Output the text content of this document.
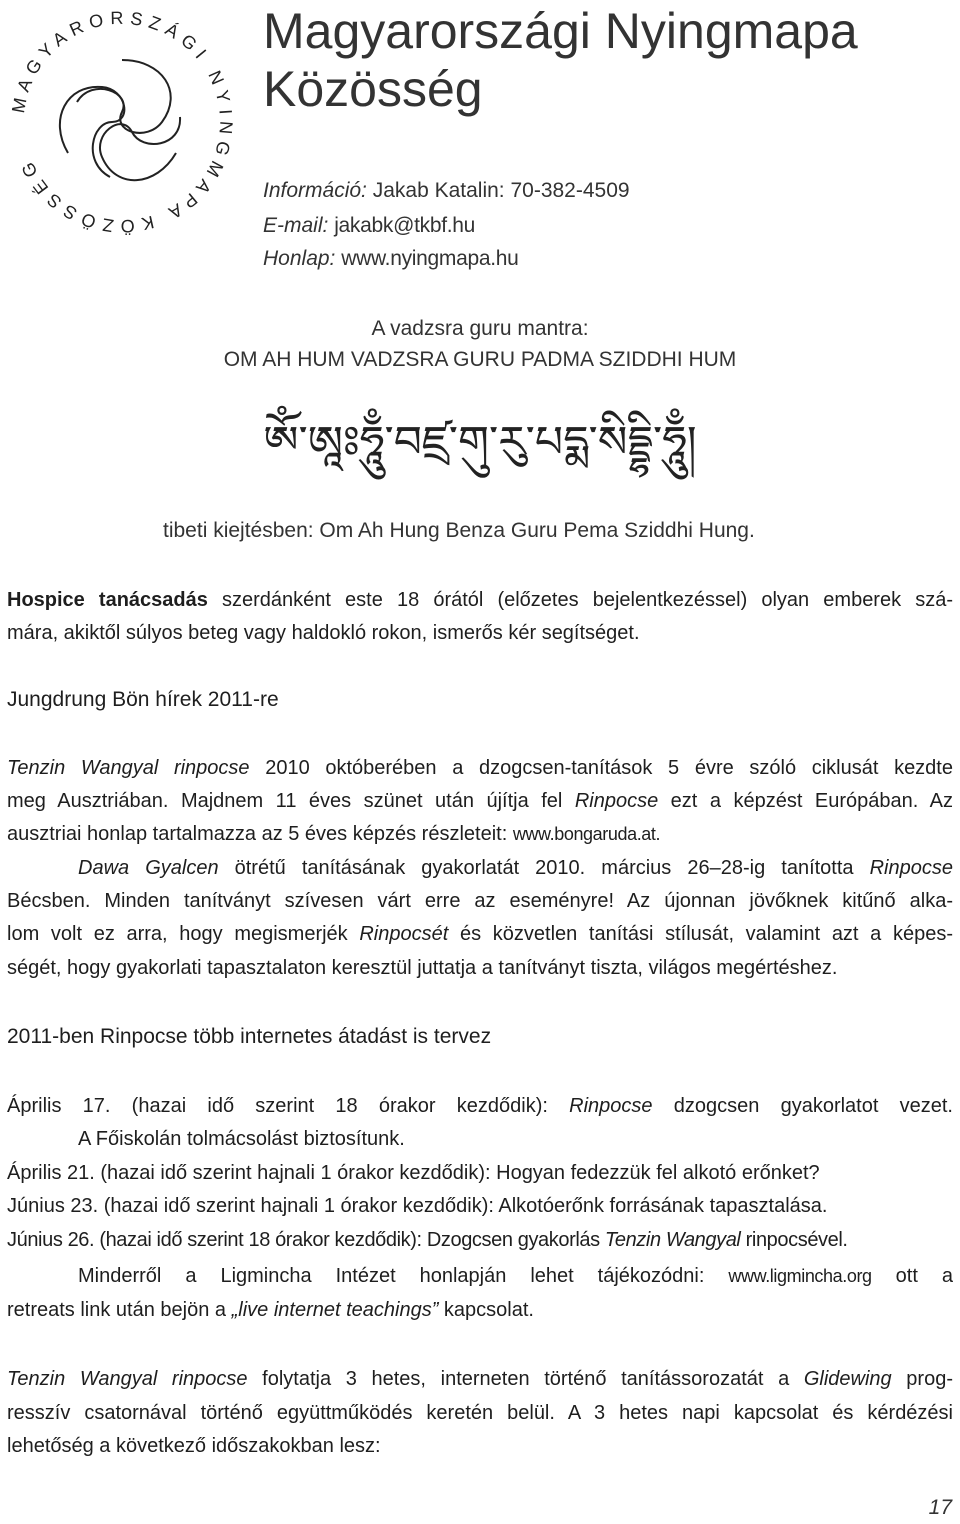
MAGYARORSZÁGI NYINGMAPA KÖZÖSSÉG
Magyarországi Nyingmapa
Közösség
Információ: Jakab Katalin: 70-382-4509
E-mail: jakabk@tkbf.hu
Honlap: www.nyingmapa.hu
A vadzsra guru mantra:
OM AH HUM VADZSRA GURU PADMA SZIDDHI HUM
ཨོཾ་ཨཱཿཧཱུྃ་བཛྲ་གུ་རུ་པདྨ་སིདྡྷི་ཧཱུྃ།
tibeti kiejtésben: Om Ah Hung Benza Guru Pema Sziddhi Hung.
Hospice tanácsadás szerdánként este 18 órától (előzetes bejelentkezéssel) olyan emberek szá-
mára, akiktől súlyos beteg vagy haldokló rokon, ismerős kér segítséget.
Jungdrung Bön hírek 2011-re
Tenzin Wangyal rinpocse 2010 októberében a dzogcsen-tanítások 5 évre szóló ciklusát kezdte
meg Ausztriában. Majdnem 11 éves szünet után újítja fel Rinpocse ezt a képzést Európában. Az
ausztriai honlap tartalmazza az 5 éves képzés részleteit: www.bongaruda.at.
Dawa Gyalcen ötrétű tanításának gyakorlatát 2010. március 26–28-ig tanította Rinpocse
Bécsben. Minden tanítványt szívesen várt erre az eseményre! Az újonnan jövőknek kitűnő alka-
lom volt ez arra, hogy megismerjék Rinpocsét és közvetlen tanítási stílusát, valamint azt a képes-
ségét, hogy gyakorlati tapasztalaton keresztül juttatja a tanítványt tiszta, világos megértéshez.
2011-ben Rinpocse több internetes átadást is tervez
Április 17. (hazai idő szerint 18 órakor kezdődik): Rinpocse dzogcsen gyakorlatot vezet.
A Főiskolán tolmácsolást biztosítunk.
Április 21. (hazai idő szerint hajnali 1 órakor kezdődik): Hogyan fedezzük fel alkotó erőnket?
Június 23. (hazai idő szerint hajnali 1 órakor kezdődik): Alkotóerőnk forrásának tapasztalása.
Június 26. (hazai idő szerint 18 órakor kezdődik): Dzogcsen gyakorlás Tenzin Wangyal rinpocsével.
Minderről a Ligmincha Intézet honlapján lehet tájékozódni: www.ligmincha.org ott a
retreats link után bejön a „live internet teachings” kapcsolat.
Tenzin Wangyal rinpocse folytatja 3 hetes, interneten történő tanítássorozatát a Glidewing prog-
resszív csatornával történő együttműködés keretén belül. A 3 hetes napi kapcsolat és kérdézési
lehetőség a következő időszakokban lesz:
17
